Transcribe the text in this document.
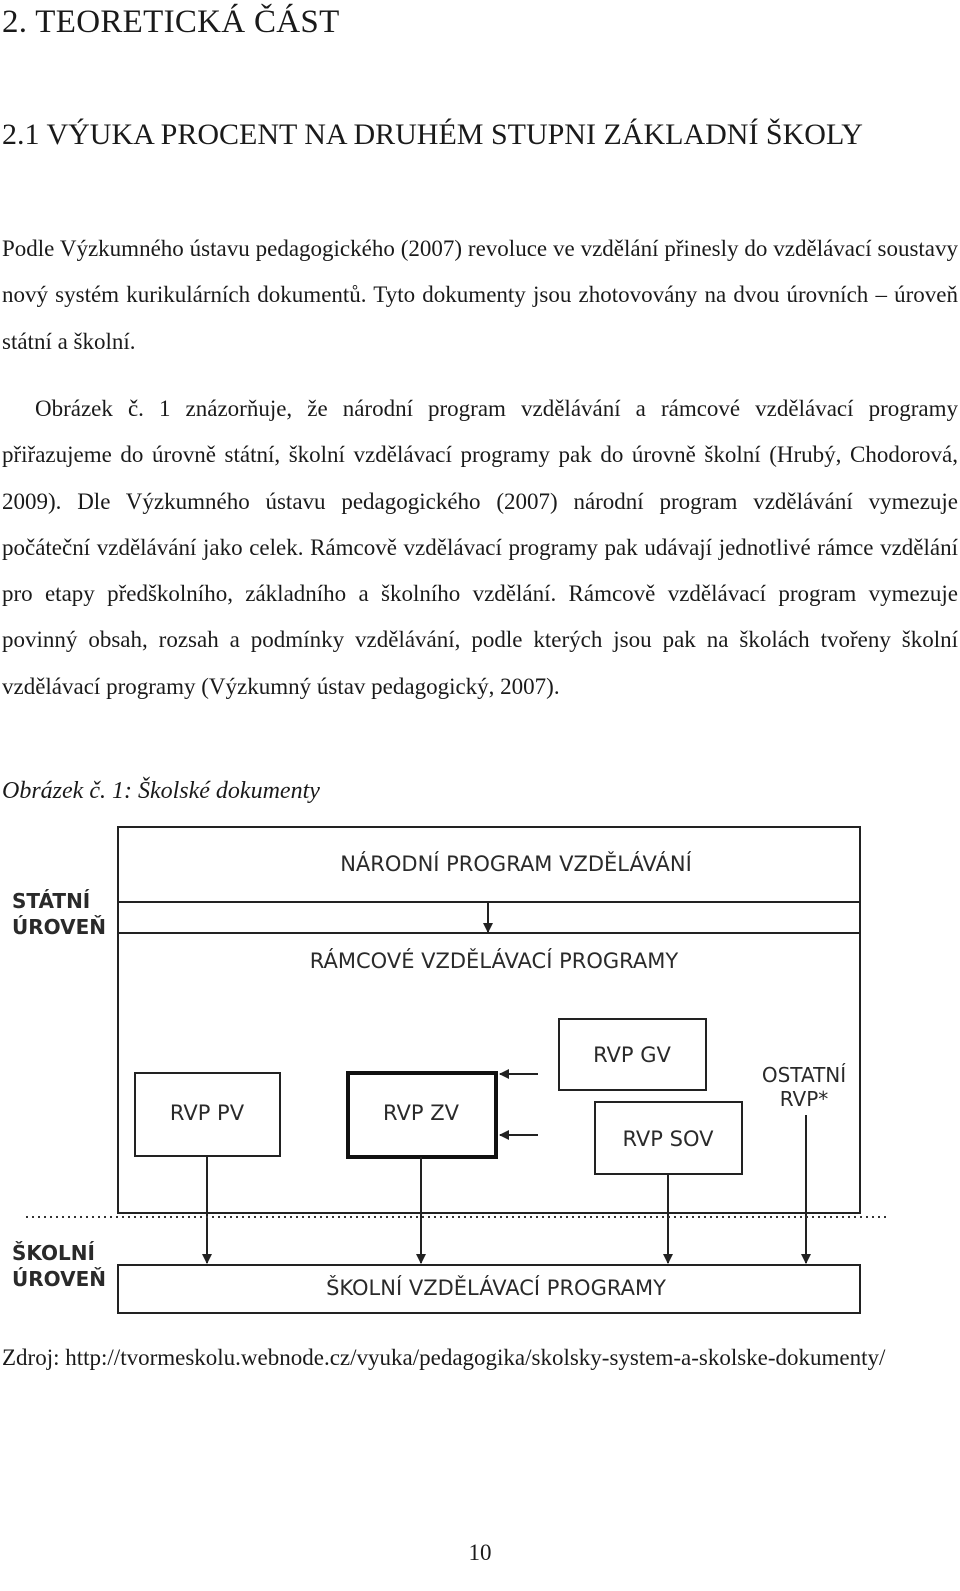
2. TEORETICKÁ ČÁST
2.1 VÝUKA PROCENT NA DRUHÉM STUPNI ZÁKLADNÍ ŠKOLY

Podle Výzkumného ústavu pedagogického (2007) revoluce ve vzdělání přinesly do vzdělávací soustavy nový systém kurikulárních dokumentů. Tyto dokumenty jsou zhotovovány na dvou úrovních – úroveň státní a školní.

Obrázek č. 1 znázorňuje, že národní program vzdělávání a rámcové vzdělávací programy přiřazujeme do úrovně státní, školní vzdělávací programy pak do úrovně školní (Hrubý, Chodorová, 2009). Dle Výzkumného ústavu pedagogického (2007) národní program vzdělávání vymezuje počáteční vzdělávání jako celek. Rámcově vzdělávací programy pak udávají jednotlivé rámce vzdělání pro etapy předškolního, základního a školního vzdělání. Rámcově vzdělávací program vymezuje povinný obsah, rozsah a podmínky vzdělávání, podle kterých jsou pak na školách tvořeny školní vzdělávací programy (Výzkumný ústav pedagogický, 2007).

Obrázek č. 1: Školské dokumenty

NÁRODNÍ PROGRAM VZDĚLÁVÁNÍ
RÁMCOVÉ VZDĚLÁVACÍ PROGRAMY
RVP PV	RVP ZV
RVP GV
RVP SOV
OSTATNÍ
RVP*
STÁTNÍ
ÚROVEŇ
ŠKOLNÍ
ÚROVEŇ	ŠKOLNÍ VZDĚLÁVACÍ PROGRAMY

Zdroj: http://tvormeskolu.webnode.cz/vyuka/pedagogika/skolsky-system-a-skolske-dokumenty/

10
